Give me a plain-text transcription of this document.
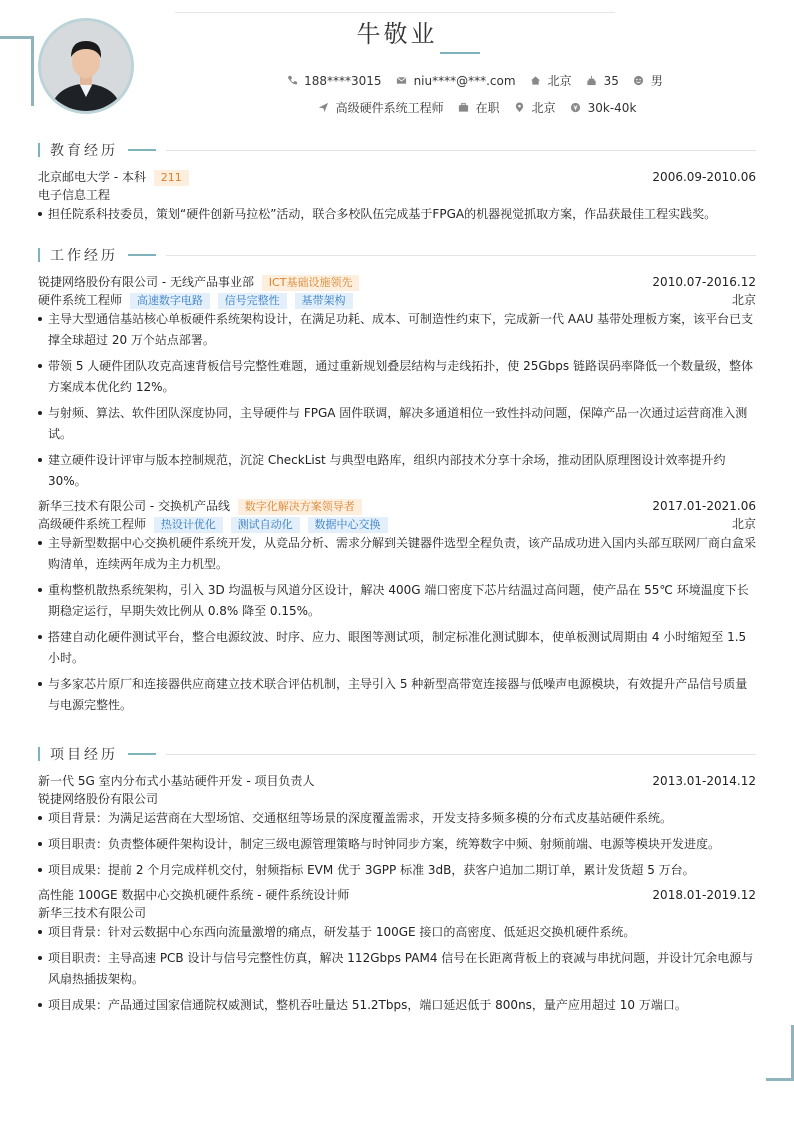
牛敬业
188****3015	niu****@***.com	北京	35	男
高级硬件系统工程师	在职	北京	30k-40k
教育经历
北京邮电大学 - 本科 211	2006.09-2010.06
电子信息工程
担任院系科技委员，策划“硬件创新马拉松”活动，联合多校队伍完成基于FPGA的机器视觉抓取方案，作品获最佳工程实践奖。
工作经历
锐捷网络股份有限公司 - 无线产品事业部 ICT基础设施领先	2010.07-2016.12
硬件系统工程师 高速数字电路 信号完整性 基带架构	北京
主导大型通信基站核心单板硬件系统架构设计，在满足功耗、成本、可制造性约束下，完成新一代 AAU 基带处理板方案，该平台已支撑全球超过 20 万个站点部署。
带领 5 人硬件团队攻克高速背板信号完整性难题，通过重新规划叠层结构与走线拓扑，使 25Gbps 链路误码率降低一个数量级，整体方案成本优化约 12%。
与射频、算法、软件团队深度协同，主导硬件与 FPGA 固件联调，解决多通道相位一致性抖动问题，保障产品一次通过运营商准入测试。
建立硬件设计评审与版本控制规范，沉淀 CheckList 与典型电路库，组织内部技术分享十余场，推动团队原理图设计效率提升约 30%。
新华三技术有限公司 - 交换机产品线 数字化解决方案领导者	2017.01-2021.06
高级硬件系统工程师 热设计优化 测试自动化 数据中心交换	北京
主导新型数据中心交换机硬件系统开发，从竞品分析、需求分解到关键器件选型全程负责，该产品成功进入国内头部互联网厂商白盒采购清单，连续两年成为主力机型。
重构整机散热系统架构，引入 3D 均温板与风道分区设计，解决 400G 端口密度下芯片结温过高问题，使产品在 55℃ 环境温度下长期稳定运行，早期失效比例从 0.8% 降至 0.15%。
搭建自动化硬件测试平台，整合电源纹波、时序、应力、眼图等测试项，制定标准化测试脚本，使单板测试周期由 4 小时缩短至 1.5 小时。
与多家芯片原厂和连接器供应商建立技术联合评估机制，主导引入 5 种新型高带宽连接器与低噪声电源模块，有效提升产品信号质量与电源完整性。
项目经历
新一代 5G 室内分布式小基站硬件开发 - 项目负责人	2013.01-2014.12
锐捷网络股份有限公司
项目背景：为满足运营商在大型场馆、交通枢纽等场景的深度覆盖需求，开发支持多频多模的分布式皮基站硬件系统。
项目职责：负责整体硬件架构设计，制定三级电源管理策略与时钟同步方案，统筹数字中频、射频前端、电源等模块开发进度。
项目成果：提前 2 个月完成样机交付，射频指标 EVM 优于 3GPP 标准 3dB，获客户追加二期订单，累计发货超 5 万台。
高性能 100GE 数据中心交换机硬件系统 - 硬件系统设计师	2018.01-2019.12
新华三技术有限公司
项目背景：针对云数据中心东西向流量激增的痛点，研发基于 100GE 接口的高密度、低延迟交换机硬件系统。
项目职责：主导高速 PCB 设计与信号完整性仿真，解决 112Gbps PAM4 信号在长距离背板上的衰减与串扰问题，并设计冗余电源与风扇热插拔架构。
项目成果：产品通过国家信通院权威测试，整机吞吐量达 51.2Tbps，端口延迟低于 800ns，量产应用超过 10 万端口。
